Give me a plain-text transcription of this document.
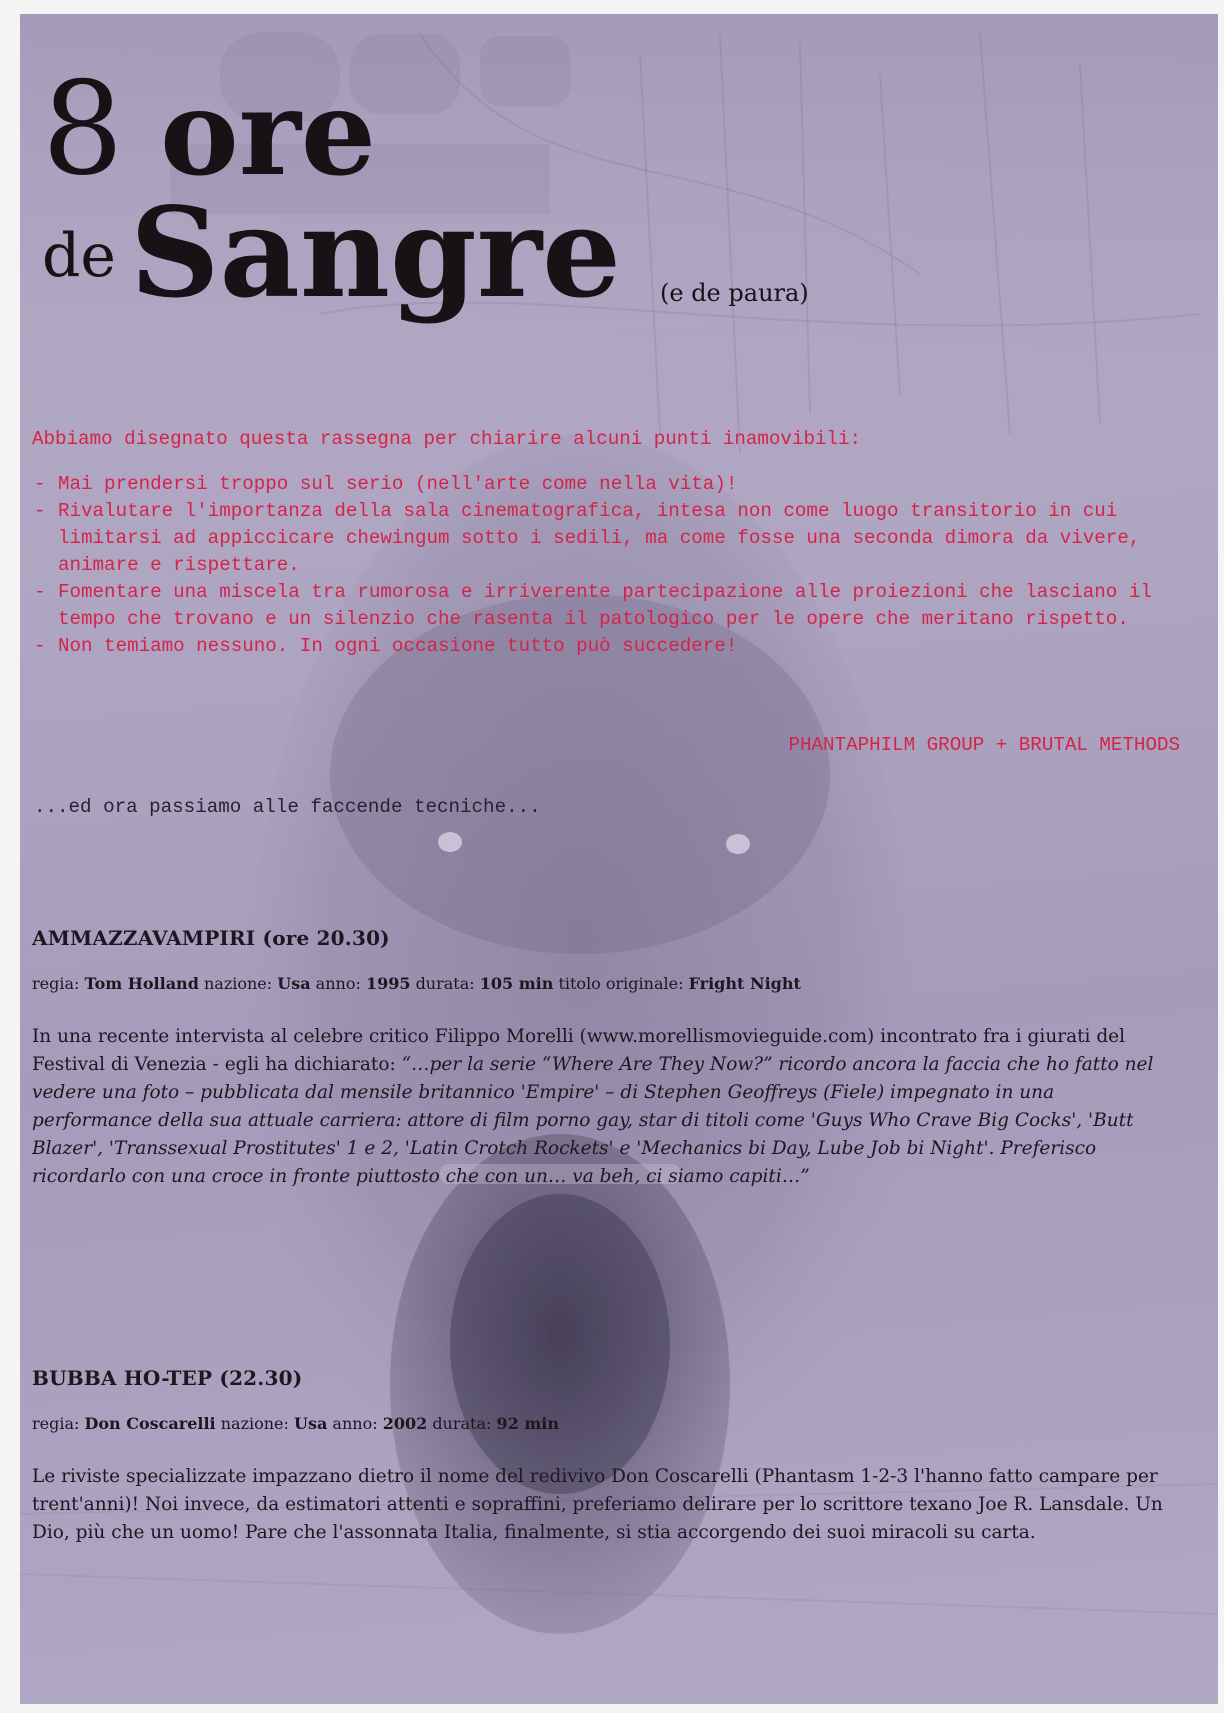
8 ore
de Sangre (e de paura)

Abbiamo disegnato questa rassegna per chiarire alcuni punti inamovibili:

- Mai prendersi troppo sul serio (nell'arte come nella vita)!
- Rivalutare l'importanza della sala cinematografica, intesa non come luogo transitorio in cui limitarsi ad appiccicare chewingum sotto i sedili, ma come fosse una seconda dimora da vivere, animare e rispettare.
- Fomentare una miscela tra rumorosa e irriverente partecipazione alle proiezioni che lasciano il tempo che trovano e un silenzio che rasenta il patologico per le opere che meritano rispetto.
- Non temiamo nessuno. In ogni occasione tutto può succedere!
PHANTAPHILM GROUP + BRUTAL METHODS
...ed ora passiamo alle faccende tecniche...
AMMAZZAVAMPIRI (ore 20.30)

regia: Tom Holland nazione: Usa anno: 1995 durata: 105 min titolo originale: Fright Night

In una recente intervista al celebre critico Filippo Morelli (www.morellismovieguide.com) incontrato fra i giurati del Festival di Venezia - egli ha dichiarato: “…per la serie “Where Are They Now?” ricordo ancora la faccia che ho fatto nel vedere una foto – pubblicata dal mensile britannico 'Empire' – di Stephen Geoffreys (Fiele) impegnato in una performance della sua attuale carriera: attore di film porno gay, star di titoli come 'Guys Who Crave Big Cocks', 'Butt Blazer', 'Transsexual Prostitutes' 1 e 2, 'Latin Crotch Rockets' e 'Mechanics bi Day, Lube Job bi Night'. Preferisco ricordarlo con una croce in fronte piuttosto che con un… va beh, ci siamo capiti…”

BUBBA HO-TEP (22.30)

regia: Don Coscarelli nazione: Usa anno: 2002 durata: 92 min

Le riviste specializzate impazzano dietro il nome del redivivo Don Coscarelli (Phantasm 1-2-3 l'hanno fatto campare per trent'anni)! Noi invece, da estimatori attenti e sopraffini, preferiamo delirare per lo scrittore texano Joe R. Lansdale. Un Dio, più che un uomo! Pare che l'assonnata Italia, finalmente, si stia accorgendo dei suoi miracoli su carta.
